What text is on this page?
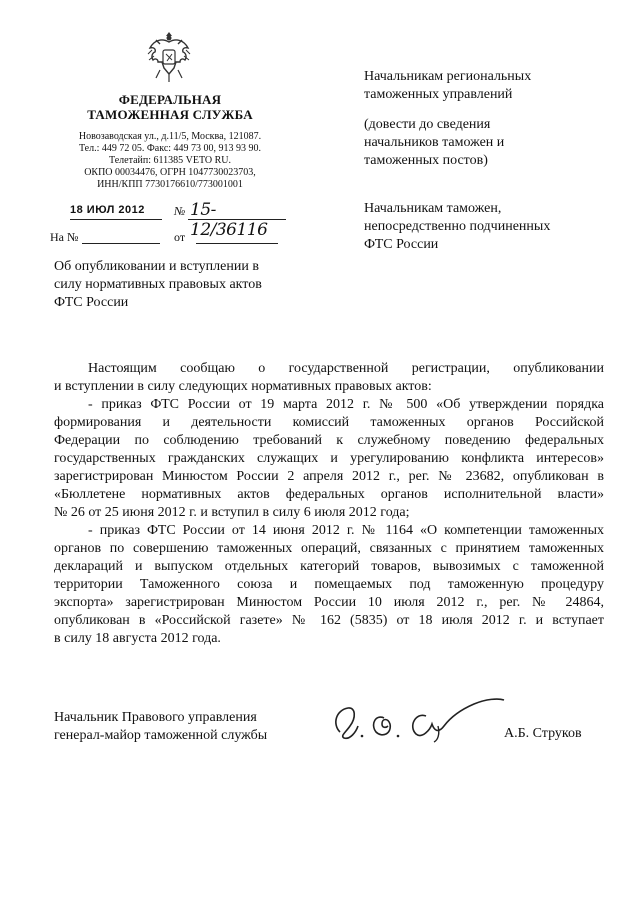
ФЕДЕРАЛЬНАЯ
ТАМОЖЕННАЯ СЛУЖБА
Новозаводская ул., д.11/5, Москва, 121087.
Тел.: 449 72 05. Факс: 449 73 00, 913 93 90.
Телетайп: 611385 VETO RU.
ОКПО 00034476, ОГРН 1047730023703,
ИНН/КПП 7730176610/773001001
18 ИЮЛ 2012 № 15-12/36116
На №	от
Об опубликовании и вступлении в
силу нормативных правовых актов
ФТС России
Начальникам региональных
таможенных управлений
(довести до сведения
начальников таможен и
таможенных постов)
Начальникам таможен,
непосредственно подчиненных
ФТС России
Настоящим сообщаю о государственной регистрации, опубликовании
и вступлении в силу следующих нормативных правовых актов:
- приказ ФТС России от 19 марта 2012 г. № 500 «Об утверждении порядка
формирования и деятельности комиссий таможенных органов Российской
Федерации по соблюдению требований к служебному поведению федеральных
государственных гражданских служащих и урегулированию конфликта интересов»
зарегистрирован Минюстом России 2 апреля 2012 г., рег. № 23682, опубликован в
«Бюллетене нормативных актов федеральных органов исполнительной власти»
№ 26 от 25 июня 2012 г. и вступил в силу 6 июля 2012 года;
- приказ ФТС России от 14 июня 2012 г. № 1164 «О компетенции таможенных
органов по совершению таможенных операций, связанных с принятием таможенных
деклараций и выпуском отдельных категорий товаров, вывозимых с таможенной
территории Таможенного союза и помещаемых под таможенную процедуру
экспорта» зарегистрирован Минюстом России 10 июля 2012 г., рег. № 24864,
опубликован в «Российской газете» № 162 (5835) от 18 июля 2012 г. и вступает
в силу 18 августа 2012 года.
Начальник Правового управления
генерал-майор таможенной службы	А.Б. Струков
